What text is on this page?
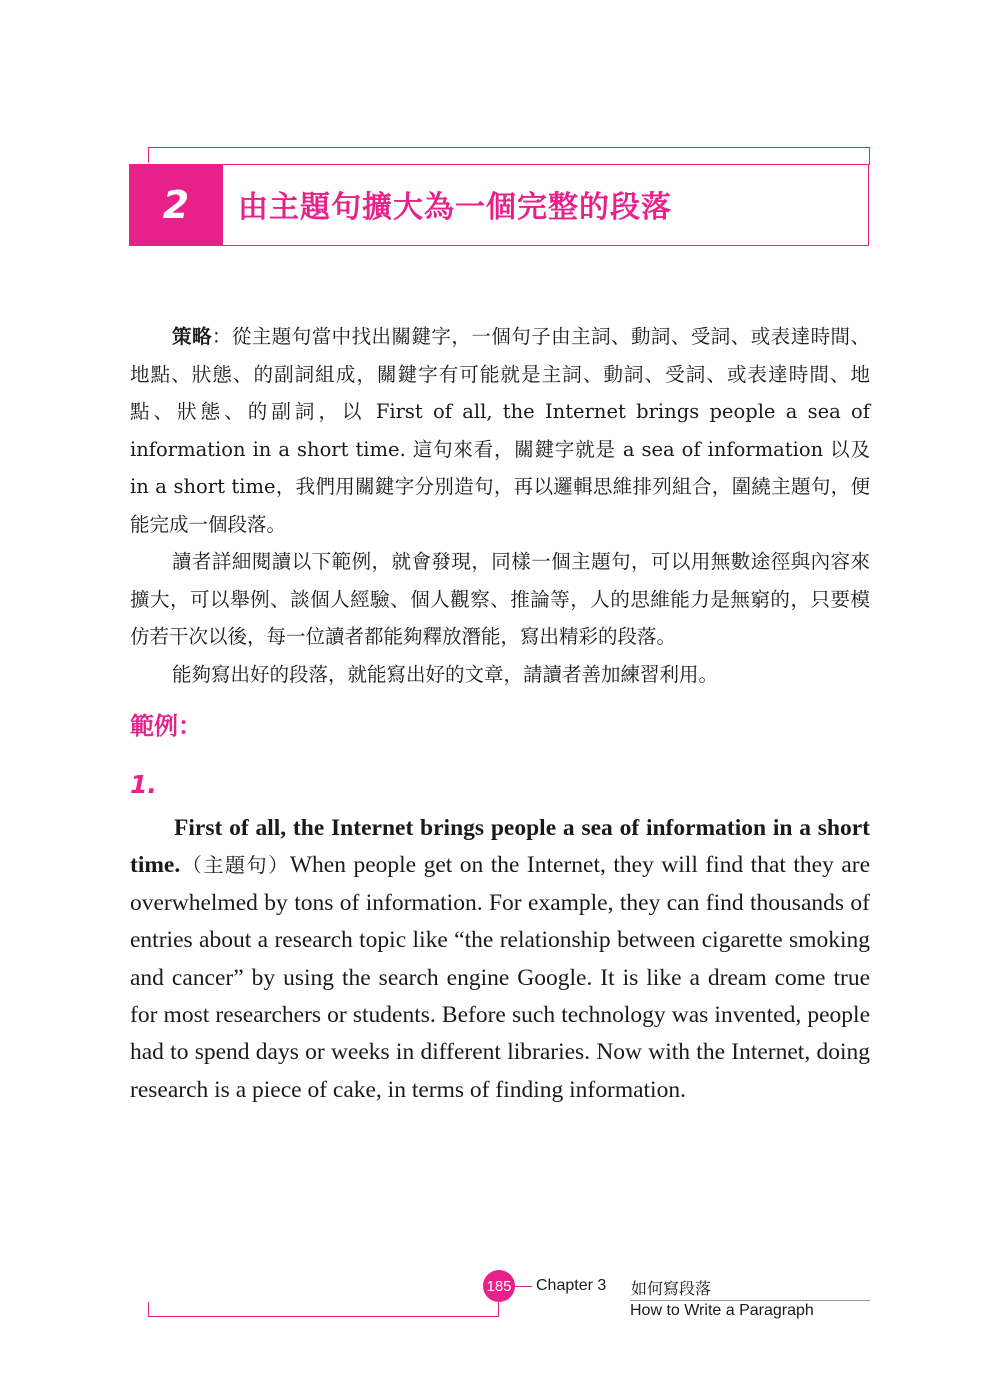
2 由主題句擴大為一個完整的段落

策略：從主題句當中找出關鍵字，一個句子由主詞、動詞、受詞、或表達時間、地點、狀態、的副詞組成，關鍵字有可能就是主詞、動詞、受詞、或表達時間、地點、狀態、的副詞，以 First of all, the Internet brings people a sea of information in a short time. 這句來看，關鍵字就是 a sea of information 以及 in a short time，我們用關鍵字分別造句，再以邏輯思維排列組合，圍繞主題句，便能完成一個段落。

讀者詳細閱讀以下範例，就會發現，同樣一個主題句，可以用無數途徑與內容來擴大，可以舉例、談個人經驗、個人觀察、推論等，人的思維能力是無窮的，只要模仿若干次以後，每一位讀者都能夠釋放潛能，寫出精彩的段落。

能夠寫出好的段落，就能寫出好的文章，請讀者善加練習利用。

範例：
1.

First of all, the Internet brings people a sea of information in a short time.（主題句）When people get on the Internet, they will find that they are overwhelmed by tons of information. For example, they can find thousands of entries about a research topic like “the relationship between cigarette smoking and cancer” by using the search engine Google. It is like a dream come true for most researchers or students. Before such technology was invented, people had to spend days or weeks in different libraries. Now with the Internet, doing research is a piece of cake, in terms of finding information.

185 Chapter 3 如何寫段落
How to Write a Paragraph
